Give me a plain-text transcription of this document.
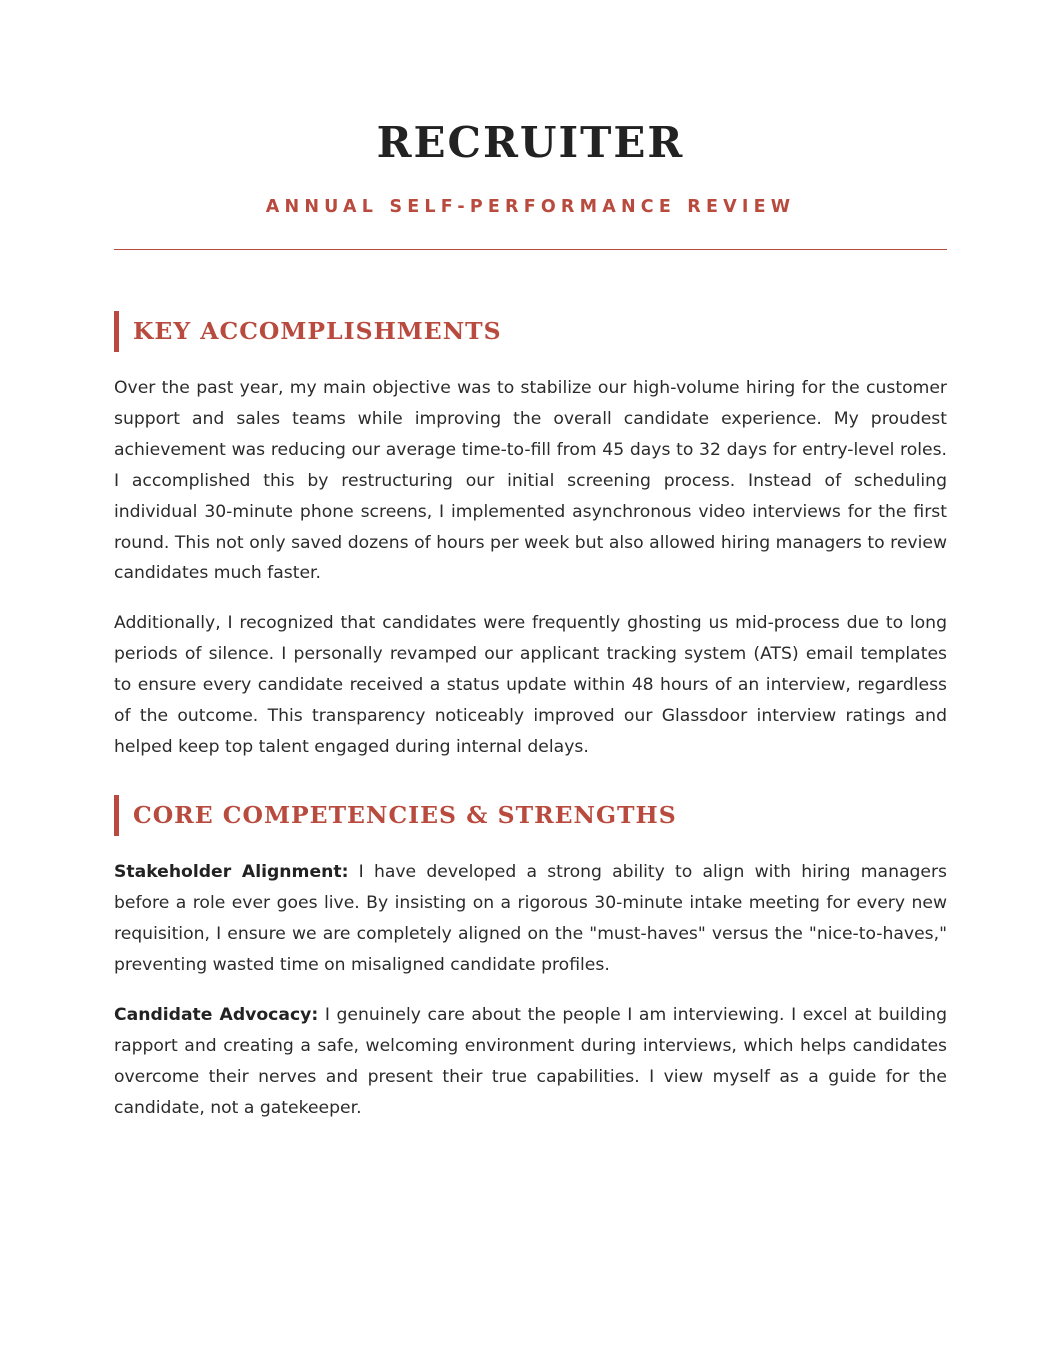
RECRUITER
ANNUAL SELF-PERFORMANCE REVIEW
KEY ACCOMPLISHMENTS

Over the past year, my main objective was to stabilize our high-volume hiring for the customer support and sales teams while improving the overall candidate experience. My proudest achievement was reducing our average time-to-fill from 45 days to 32 days for entry-level roles. I accomplished this by restructuring our initial screening process. Instead of scheduling individual 30-minute phone screens, I implemented asynchronous video interviews for the first round. This not only saved dozens of hours per week but also allowed hiring managers to review candidates much faster.

Additionally, I recognized that candidates were frequently ghosting us mid-process due to long periods of silence. I personally revamped our applicant tracking system (ATS) email templates to ensure every candidate received a status update within 48 hours of an interview, regardless of the outcome. This transparency noticeably improved our Glassdoor interview ratings and helped keep top talent engaged during internal delays.

CORE COMPETENCIES & STRENGTHS

Stakeholder Alignment: I have developed a strong ability to align with hiring managers before a role ever goes live. By insisting on a rigorous 30-minute intake meeting for every new requisition, I ensure we are completely aligned on the "must-haves" versus the "nice-to-haves," preventing wasted time on misaligned candidate profiles.

Candidate Advocacy: I genuinely care about the people I am interviewing. I excel at building rapport and creating a safe, welcoming environment during interviews, which helps candidates overcome their nerves and present their true capabilities. I view myself as a guide for the candidate, not a gatekeeper.
